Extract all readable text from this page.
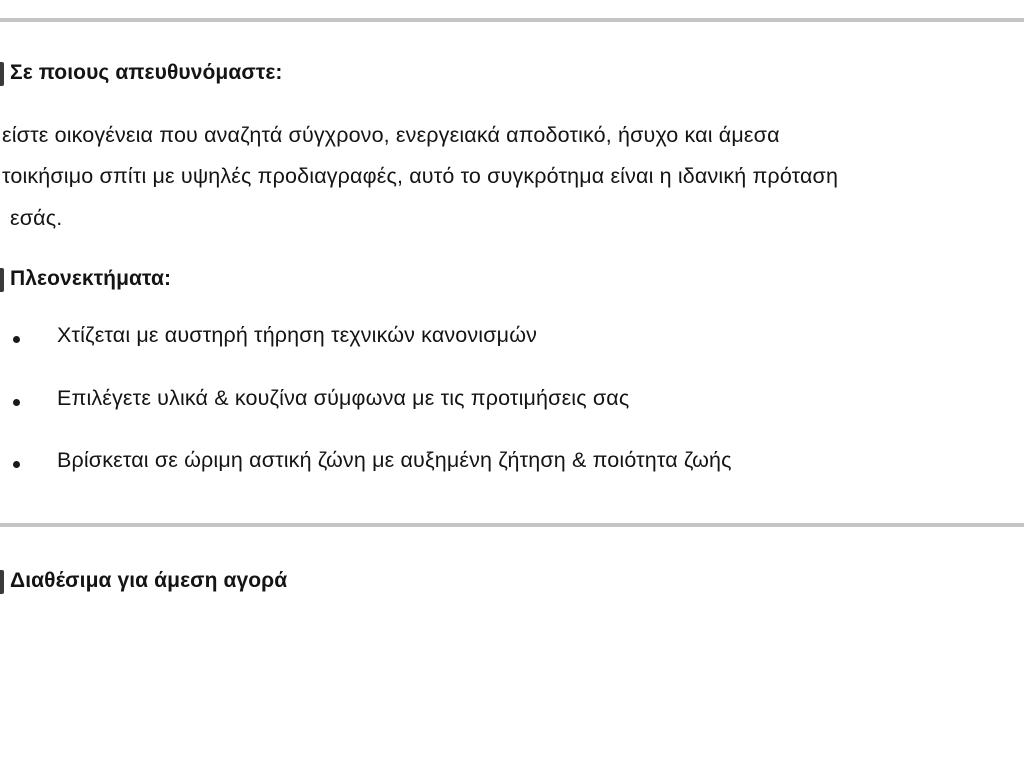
Σε ποιους απευθυνόμαστε:
είστε οικογένεια που αναζητά σύγχρονο, ενεργειακά αποδοτικό, ήσυχο και άμεσα
τοικήσιμο σπίτι με υψηλές προδιαγραφές, αυτό το συγκρότημα είναι η ιδανική πρόταση
εσάς.
Πλεονεκτήματα:
Χτίζεται με αυστηρή τήρηση τεχνικών κανονισμών
Επιλέγετε υλικά & κουζίνα σύμφωνα με τις προτιμήσεις σας
Βρίσκεται σε ώριμη αστική ζώνη με αυξημένη ζήτηση & ποιότητα ζωής
Διαθέσιμα για άμεση αγορά
